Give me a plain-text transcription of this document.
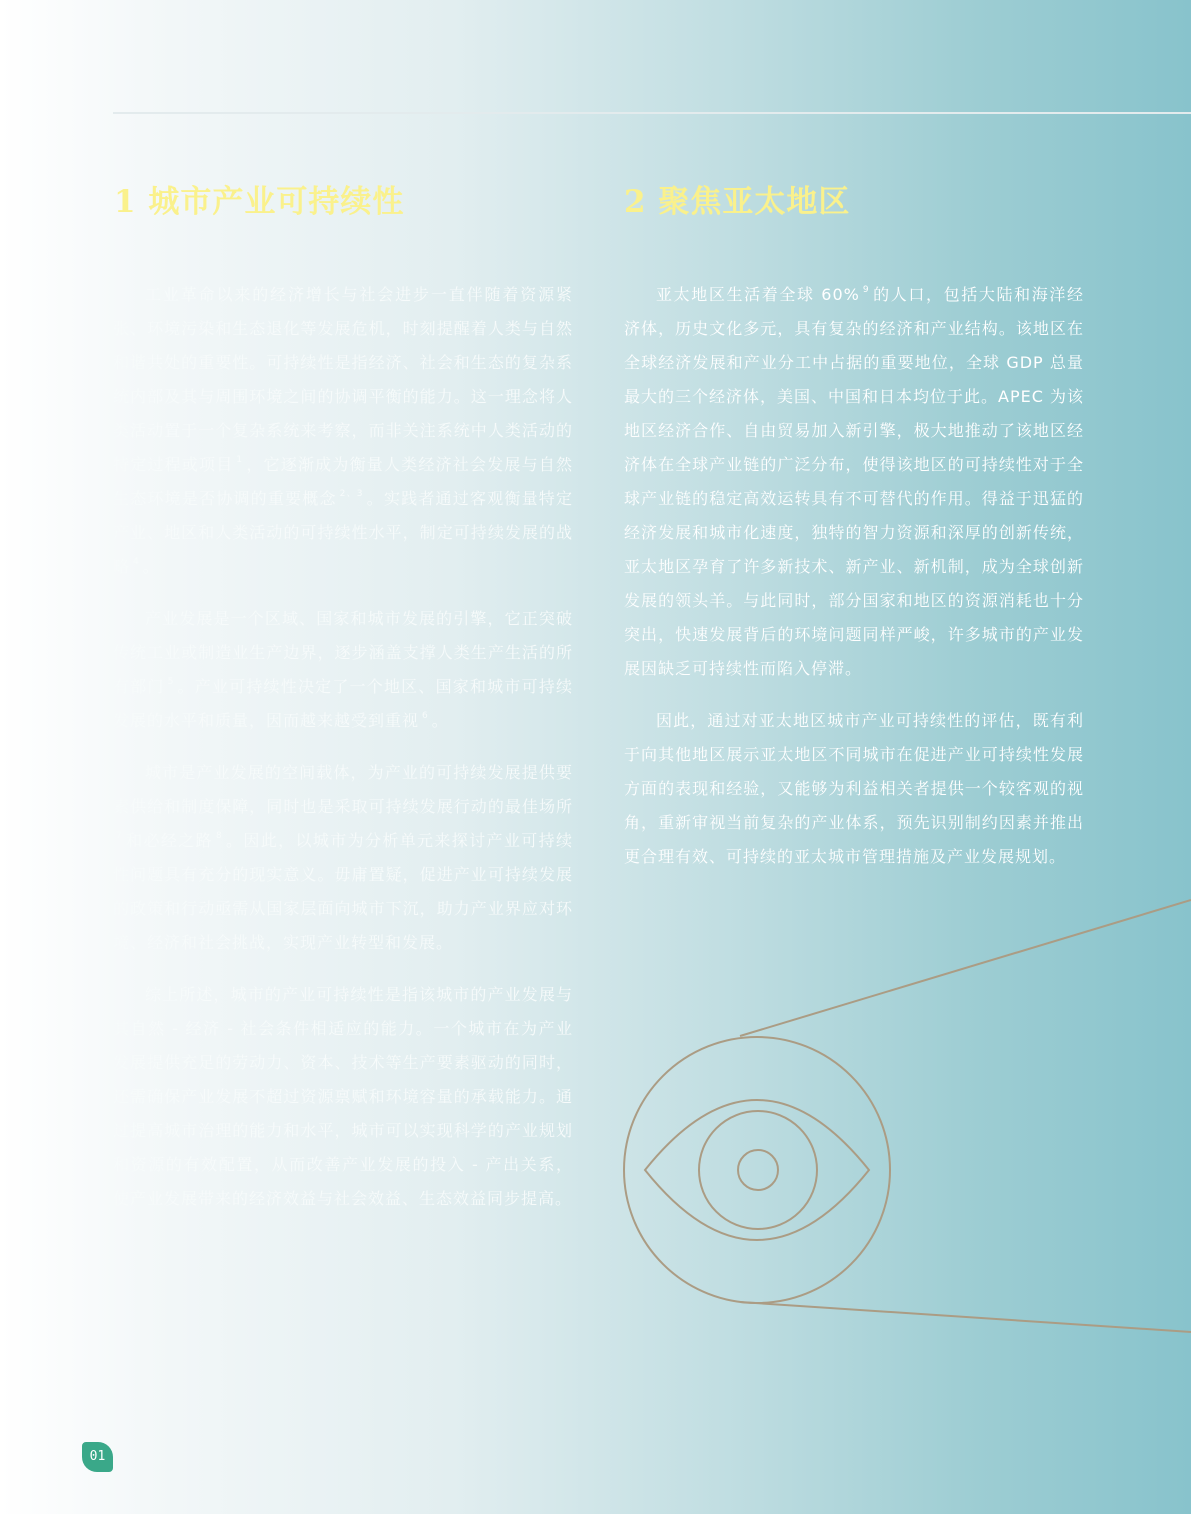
1 城市产业可持续性	2 聚焦亚太地区

工业革命以来的经济增长与社会进步一直伴随着资源紧张、环境污染和生态退化等发展危机，时刻提醒着人类与自然和谐共处的重要性。可持续性是指经济、社会和生态的复杂系统内部及其与周围环境之间的协调平衡的能力。这一理念将人类活动置于一个复杂系统来考察，而非关注系统中人类活动的特定过程或项目 $^1$ ，它逐渐成为衡量人类经济社会发展与自然生态环境是否协调的重要概念 $^{2、3}$ 。实践者通过客观衡量特定产业、地区和人类活动的可持续性水平，制定可持续发展的战略 $^4$ 。

产业发展是一个区域、国家和城市发展的引擎，它正突破传统工业或制造业生产边界，逐步涵盖支撑人类生产生活的所有部门 $^5$ 。产业可持续性决定了一个地区、国家和城市可持续发展的水平和质量，因而越来越受到重视 $^6$ 。

城市是产业发展的空间载体，为产业的可持续发展提供要素供给和制度保障，同时也是采取可持续发展行动的最佳场所$^7$ 和必经之路 $^8$ 。因此，以城市为分析单元来探讨产业可持续性问题具有充分的现实意义。毋庸置疑，促进产业可持续发展的政策和行动亟需从国家层面向城市下沉，助力产业界应对环境、经济和社会挑战，实现产业转型和发展。

综上所述，城市的产业可持续性是指该城市的产业发展与其自然 - 经济 - 社会条件相适应的能力。一个城市在为产业发展提供充足的劳动力、资本、技术等生产要素驱动的同时，还需确保产业发展不超过资源禀赋和环境容量的承载能力。通过提高城市治理的能力和水平，城市可以实现科学的产业规划和资源的有效配置，从而改善产业发展的投入 - 产出关系，使产业发展带来的经济效益与社会效益、生态效益同步提高。

亚太地区生活着全球 60% $^9$ 的人口，包括大陆和海洋经济体，历史文化多元，具有复杂的经济和产业结构。该地区在全球经济发展和产业分工中占据的重要地位，全球 GDP 总量最大的三个经济体，美国、中国和日本均位于此。APEC 为该地区经济合作、自由贸易加入新引擎，极大地推动了该地区经济体在全球产业链的广泛分布，使得该地区的可持续性对于全球产业链的稳定高效运转具有不可替代的作用。得益于迅猛的经济发展和城市化速度，独特的智力资源和深厚的创新传统，亚太地区孕育了许多新技术、新产业、新机制，成为全球创新发展的领头羊。与此同时，部分国家和地区的资源消耗也十分突出，快速发展背后的环境问题同样严峻，许多城市的产业发展因缺乏可持续性而陷入停滞。

因此，通过对亚太地区城市产业可持续性的评估，既有利于向其他地区展示亚太地区不同城市在促进产业可持续性发展方面的表现和经验，又能够为利益相关者提供一个较客观的视角，重新审视当前复杂的产业体系，预先识别制约因素并推出更合理有效、可持续的亚太城市管理措施及产业发展规划。

01
